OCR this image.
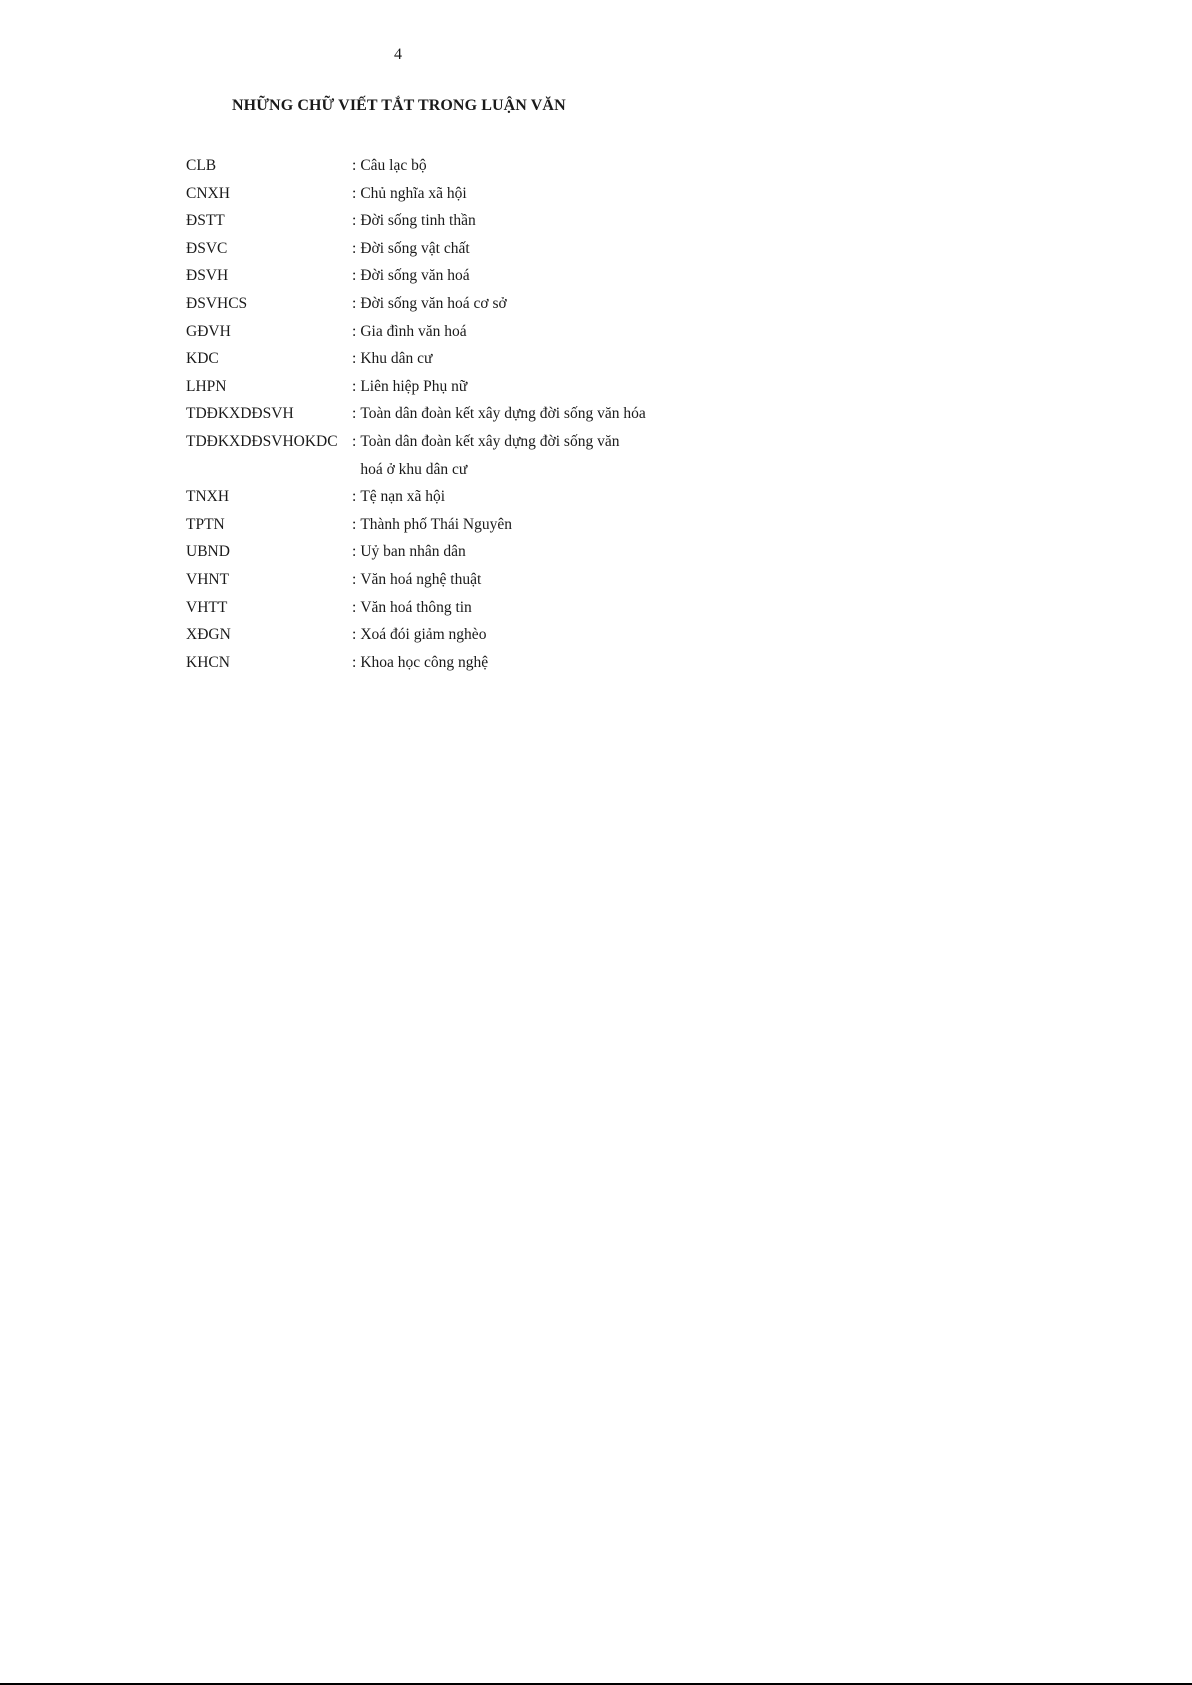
4
NHỮNG CHỮ VIẾT TẮT TRONG LUẬN VĂN
CLB	: Câu lạc bộ
CNXH	: Chủ nghĩa xã hội
ĐSTT	: Đời sống tinh thần
ĐSVC	: Đời sống vật chất
ĐSVH	: Đời sống văn hoá
ĐSVHCS	: Đời sống văn hoá cơ sở
GĐVH	: Gia đình văn hoá
KDC	: Khu dân cư
LHPN	: Liên hiệp Phụ nữ
TDĐKXDĐSVH	: Toàn dân đoàn kết xây dựng đời sống văn hóa
TDĐKXDĐSVHOKDC : Toàn dân đoàn kết xây dựng đời sống văn hoá ở khu dân cư
TNXH	: Tệ nạn xã hội
TPTN	: Thành phố Thái Nguyên
UBND	: Uỷ ban nhân dân
VHNT	: Văn hoá nghệ thuật
VHTT	: Văn hoá thông tin
XĐGN	: Xoá đói giảm nghèo
KHCN	: Khoa học công nghệ
